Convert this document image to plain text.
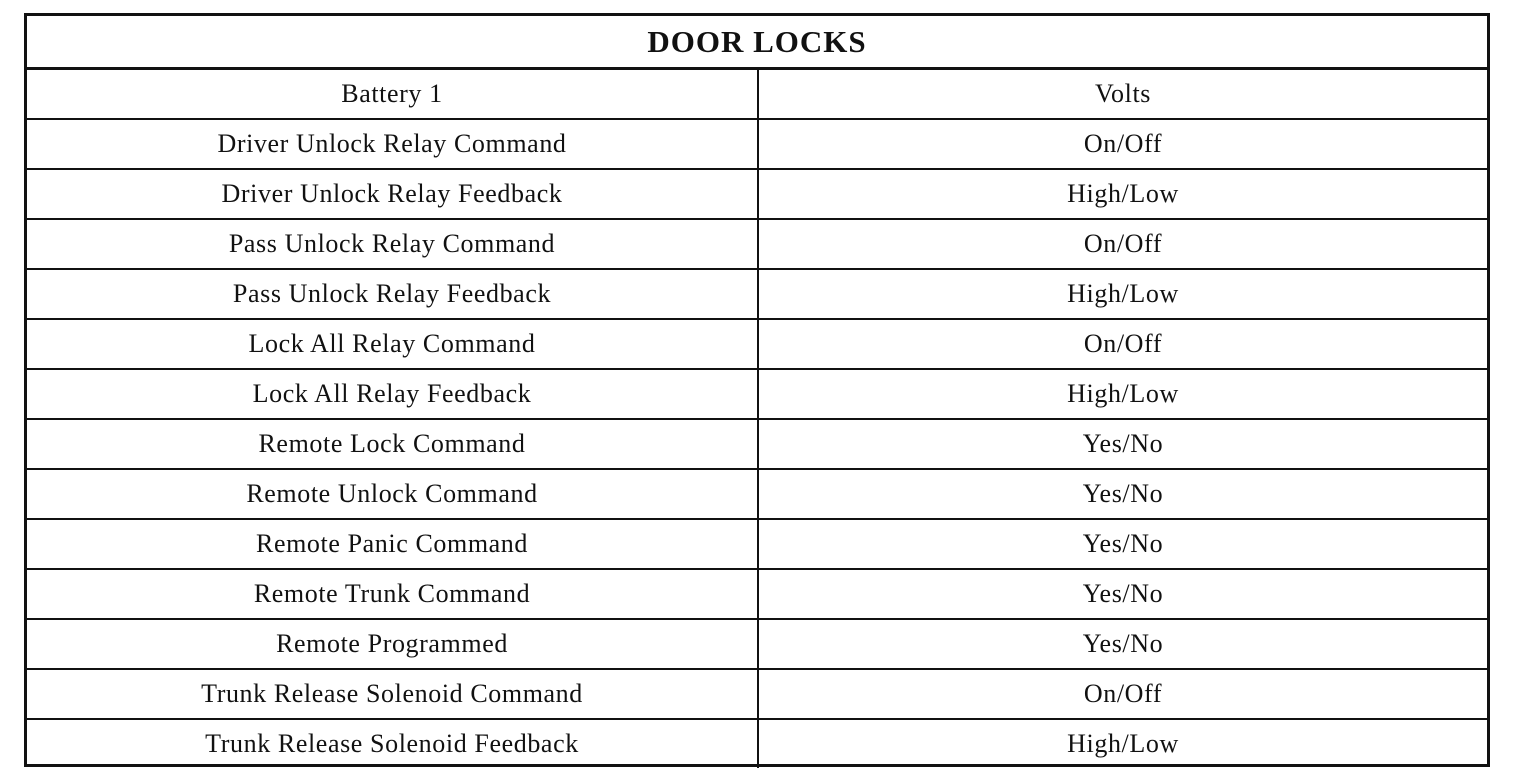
DOOR LOCKS	
Battery 1	Volts
Driver Unlock Relay Command	On/Off
Driver Unlock Relay Feedback	High/Low
Pass Unlock Relay Command	On/Off
Pass Unlock Relay Feedback	High/Low
Lock All Relay Command	On/Off
Lock All Relay Feedback	High/Low
Remote Lock Command	Yes/No
Remote Unlock Command	Yes/No
Remote Panic Command	Yes/No
Remote Trunk Command	Yes/No
Remote Programmed	Yes/No
Trunk Release Solenoid Command	On/Off
Trunk Release Solenoid Feedback	High/Low
